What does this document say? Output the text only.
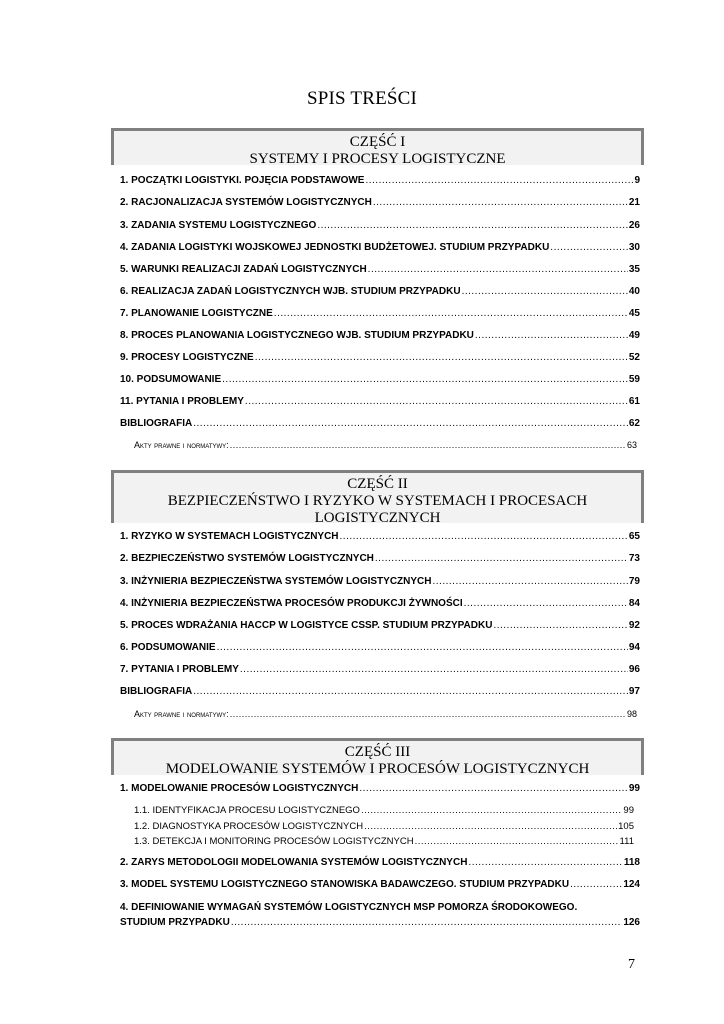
SPIS TREŚCI
CZĘŚĆ I
SYSTEMY I PROCESY LOGISTYCZNE
1. POCZĄTKI LOGISTYKI. POJĘCIA PODSTAWOWE .....	9
2. RACJONALIZACJA SYSTEMÓW LOGISTYCZNYCH .....	21
3. ZADANIA SYSTEMU LOGISTYCZNEGO .....	26
4. ZADANIA LOGISTYKI WOJSKOWEJ JEDNOSTKI BUDŻETOWEJ. STUDIUM PRZYPADKU .....	30
5. WARUNKI REALIZACJI ZADAŃ LOGISTYCZNYCH .....	35
6. REALIZACJA ZADAŃ LOGISTYCZNYCH WJB. STUDIUM PRZYPADKU .....	40
7. PLANOWANIE LOGISTYCZNE .....	45
8. PROCES PLANOWANIA LOGISTYCZNEGO WJB. STUDIUM PRZYPADKU .....	49
9. PROCESY LOGISTYCZNE .....	52
10. PODSUMOWANIE .....	59
11. PYTANIA I PROBLEMY .....	61
BIBLIOGRAFIA .....	62
Akty prawne i normatywy: .....	63
CZĘŚĆ II
BEZPIECZEŃSTWO I RYZYKO W SYSTEMACH I PROCESACH LOGISTYCZNYCH
1. RYZYKO W SYSTEMACH LOGISTYCZNYCH .....	65
2. BEZPIECZEŃSTWO SYSTEMÓW LOGISTYCZNYCH .....	73
3. INŻYNIERIA BEZPIECZEŃSTWA SYSTEMÓW LOGISTYCZNYCH .....	79
4. INŻYNIERIA BEZPIECZEŃSTWA PROCESÓW PRODUKCJI ŻYWNOŚCI .....	84
5. PROCES WDRAŻANIA HACCP W LOGISTYCE CSSP. STUDIUM PRZYPADKU .....	92
6. PODSUMOWANIE .....	94
7. PYTANIA I PROBLEMY .....	96
BIBLIOGRAFIA .....	97
Akty prawne i normatywy: .....	98
CZĘŚĆ III
MODELOWANIE SYSTEMÓW I PROCESÓW LOGISTYCZNYCH
1. MODELOWANIE PROCESÓW LOGISTYCZNYCH .....	99
1.1. IDENTYFIKACJA PROCESU LOGISTYCZNEGO .....	99
1.2. DIAGNOSTYKA PROCESÓW LOGISTYCZNYCH .....	105
1.3. DETEKCJA I MONITORING PROCESÓW LOGISTYCZNYCH .....	111
2. ZARYS METODOLOGII MODELOWANIA SYSTEMÓW LOGISTYCZNYCH .....	118
3. MODEL SYSTEMU LOGISTYCZNEGO STANOWISKA BADAWCZEGO. STUDIUM PRZYPADKU .....	124
4. DEFINIOWANIE WYMAGAŃ SYSTEMÓW LOGISTYCZNYCH MSP POMORZA ŚRODOKOWEGO.
STUDIUM PRZYPADKU .....	126
7
